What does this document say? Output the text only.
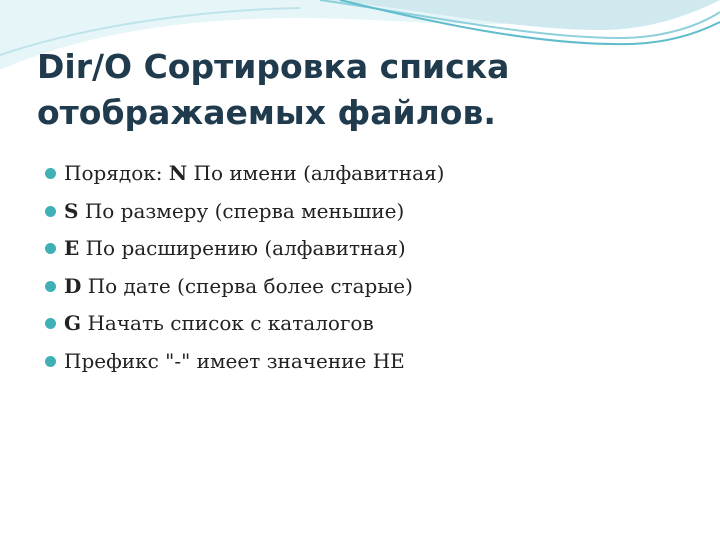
Dir/O Сортировка списка
отображаемых файлов.
Порядок: N По имени (алфавитная)
S По размеру (сперва меньшие)
E По расширению (алфавитная)
D По дате (сперва более старые)
G Начать список с каталогов
Префикс "-" имеет значение НЕ
